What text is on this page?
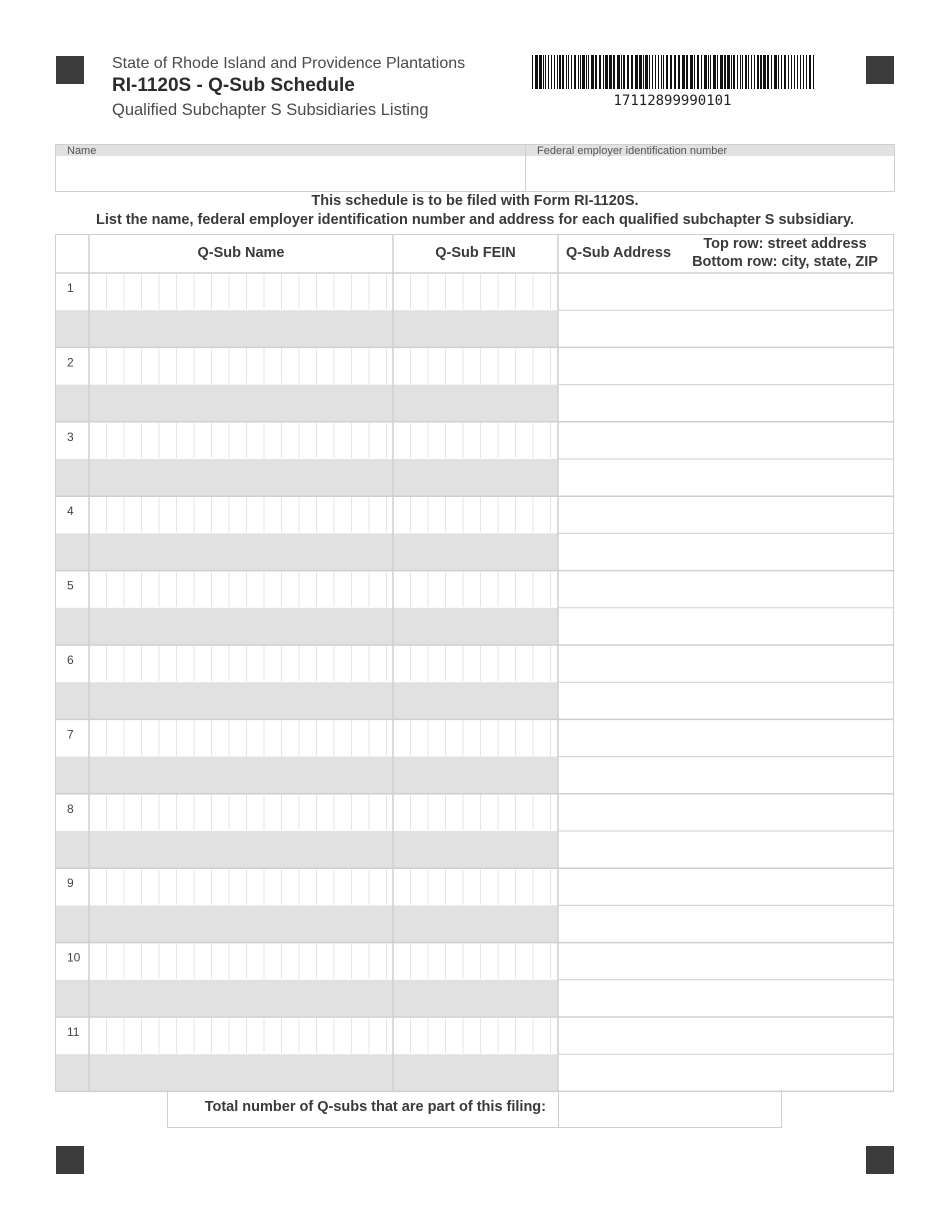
State of Rhode Island and Providence Plantations
RI-1120S - Q-Sub Schedule
Qualified Subchapter S Subsidiaries Listing	17112899990101
Name	Federal employer identification number
This schedule is to be filed with Form RI-1120S.
List the name, federal employer identification number and address for each qualified subchapter S subsidiary.
Q-Sub Name	Q-Sub FEIN	Q-Sub Address
Top row: street address
Bottom row: city, state, ZIP
1
2
3
4
5
6
7
8
9
10
11
Total number of Q-subs that are part of this filing:
